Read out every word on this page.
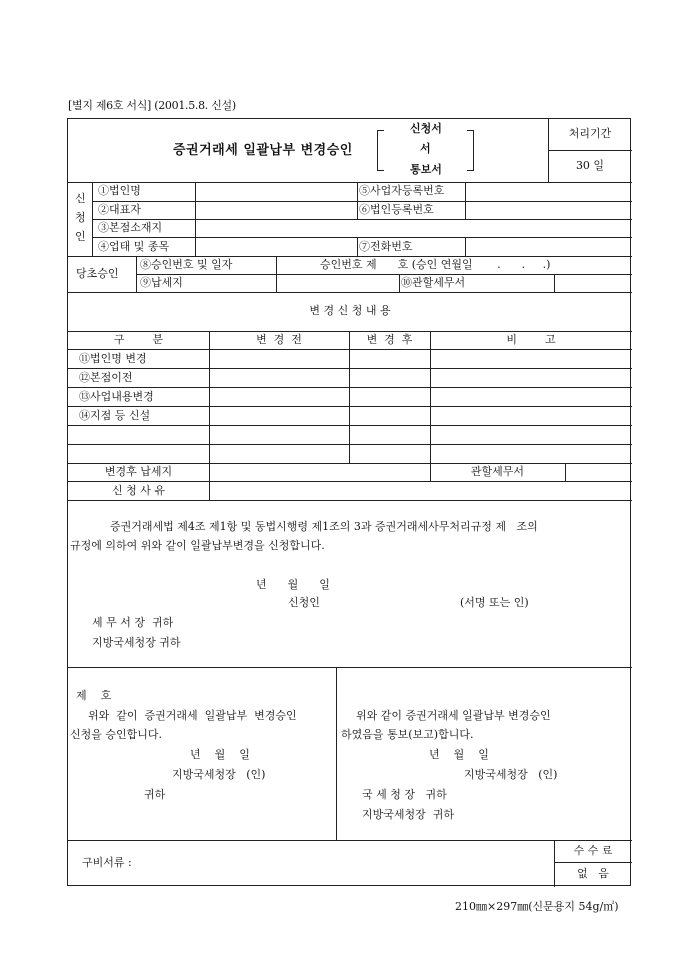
[별지 제6호 서식] (2001.5.8. 신설)
증권거래세 일괄납부 변경승인
신청서
서
통보서
처리기간
30 일
신
청
인
①법인명	⑤사업자등록번호
②대표자	⑥법인등록번호
③본점소재지
④업태 및 종목	⑦전화번호
당초승인
⑧승인번호 및 일자	승인번호 제      호 (승인 연월일       .      .     .)
⑨납세지	⑩관할세무서
변 경 신 청 내 용
구        분	변  경  전	변  경  후	비        고
⑪법인명 변경
⑫본점이전
⑬사업내용변경
⑭지점 등 신설
변경후 납세지	관할세무서
신 청 사 유
증권거래세법 제4조 제1항 및 동법시행령 제1조의 3과 증권거래세사무처리규정 제   조의
규정에 의하여 위와 같이 일괄납부변경을 신청합니다.
년      월      일
신청인	(서명 또는 인)
세 무 서 장  귀하
지방국세청장 귀하
제    호
위와  같이  증권거래세  일괄납부  변경승인
신청을 승인합니다.
년    월    일
지방국세청장   (인)
귀하
위와 같이 증권거래세 일괄납부 변경승인
하였음을 통보(보고)합니다.
년    월    일
지방국세청장   (인)
국 세 청 장   귀하
지방국세청장  귀하
구비서류 :
수 수 료
없   음
210㎜×297㎜(신문용지 54g/㎡)
